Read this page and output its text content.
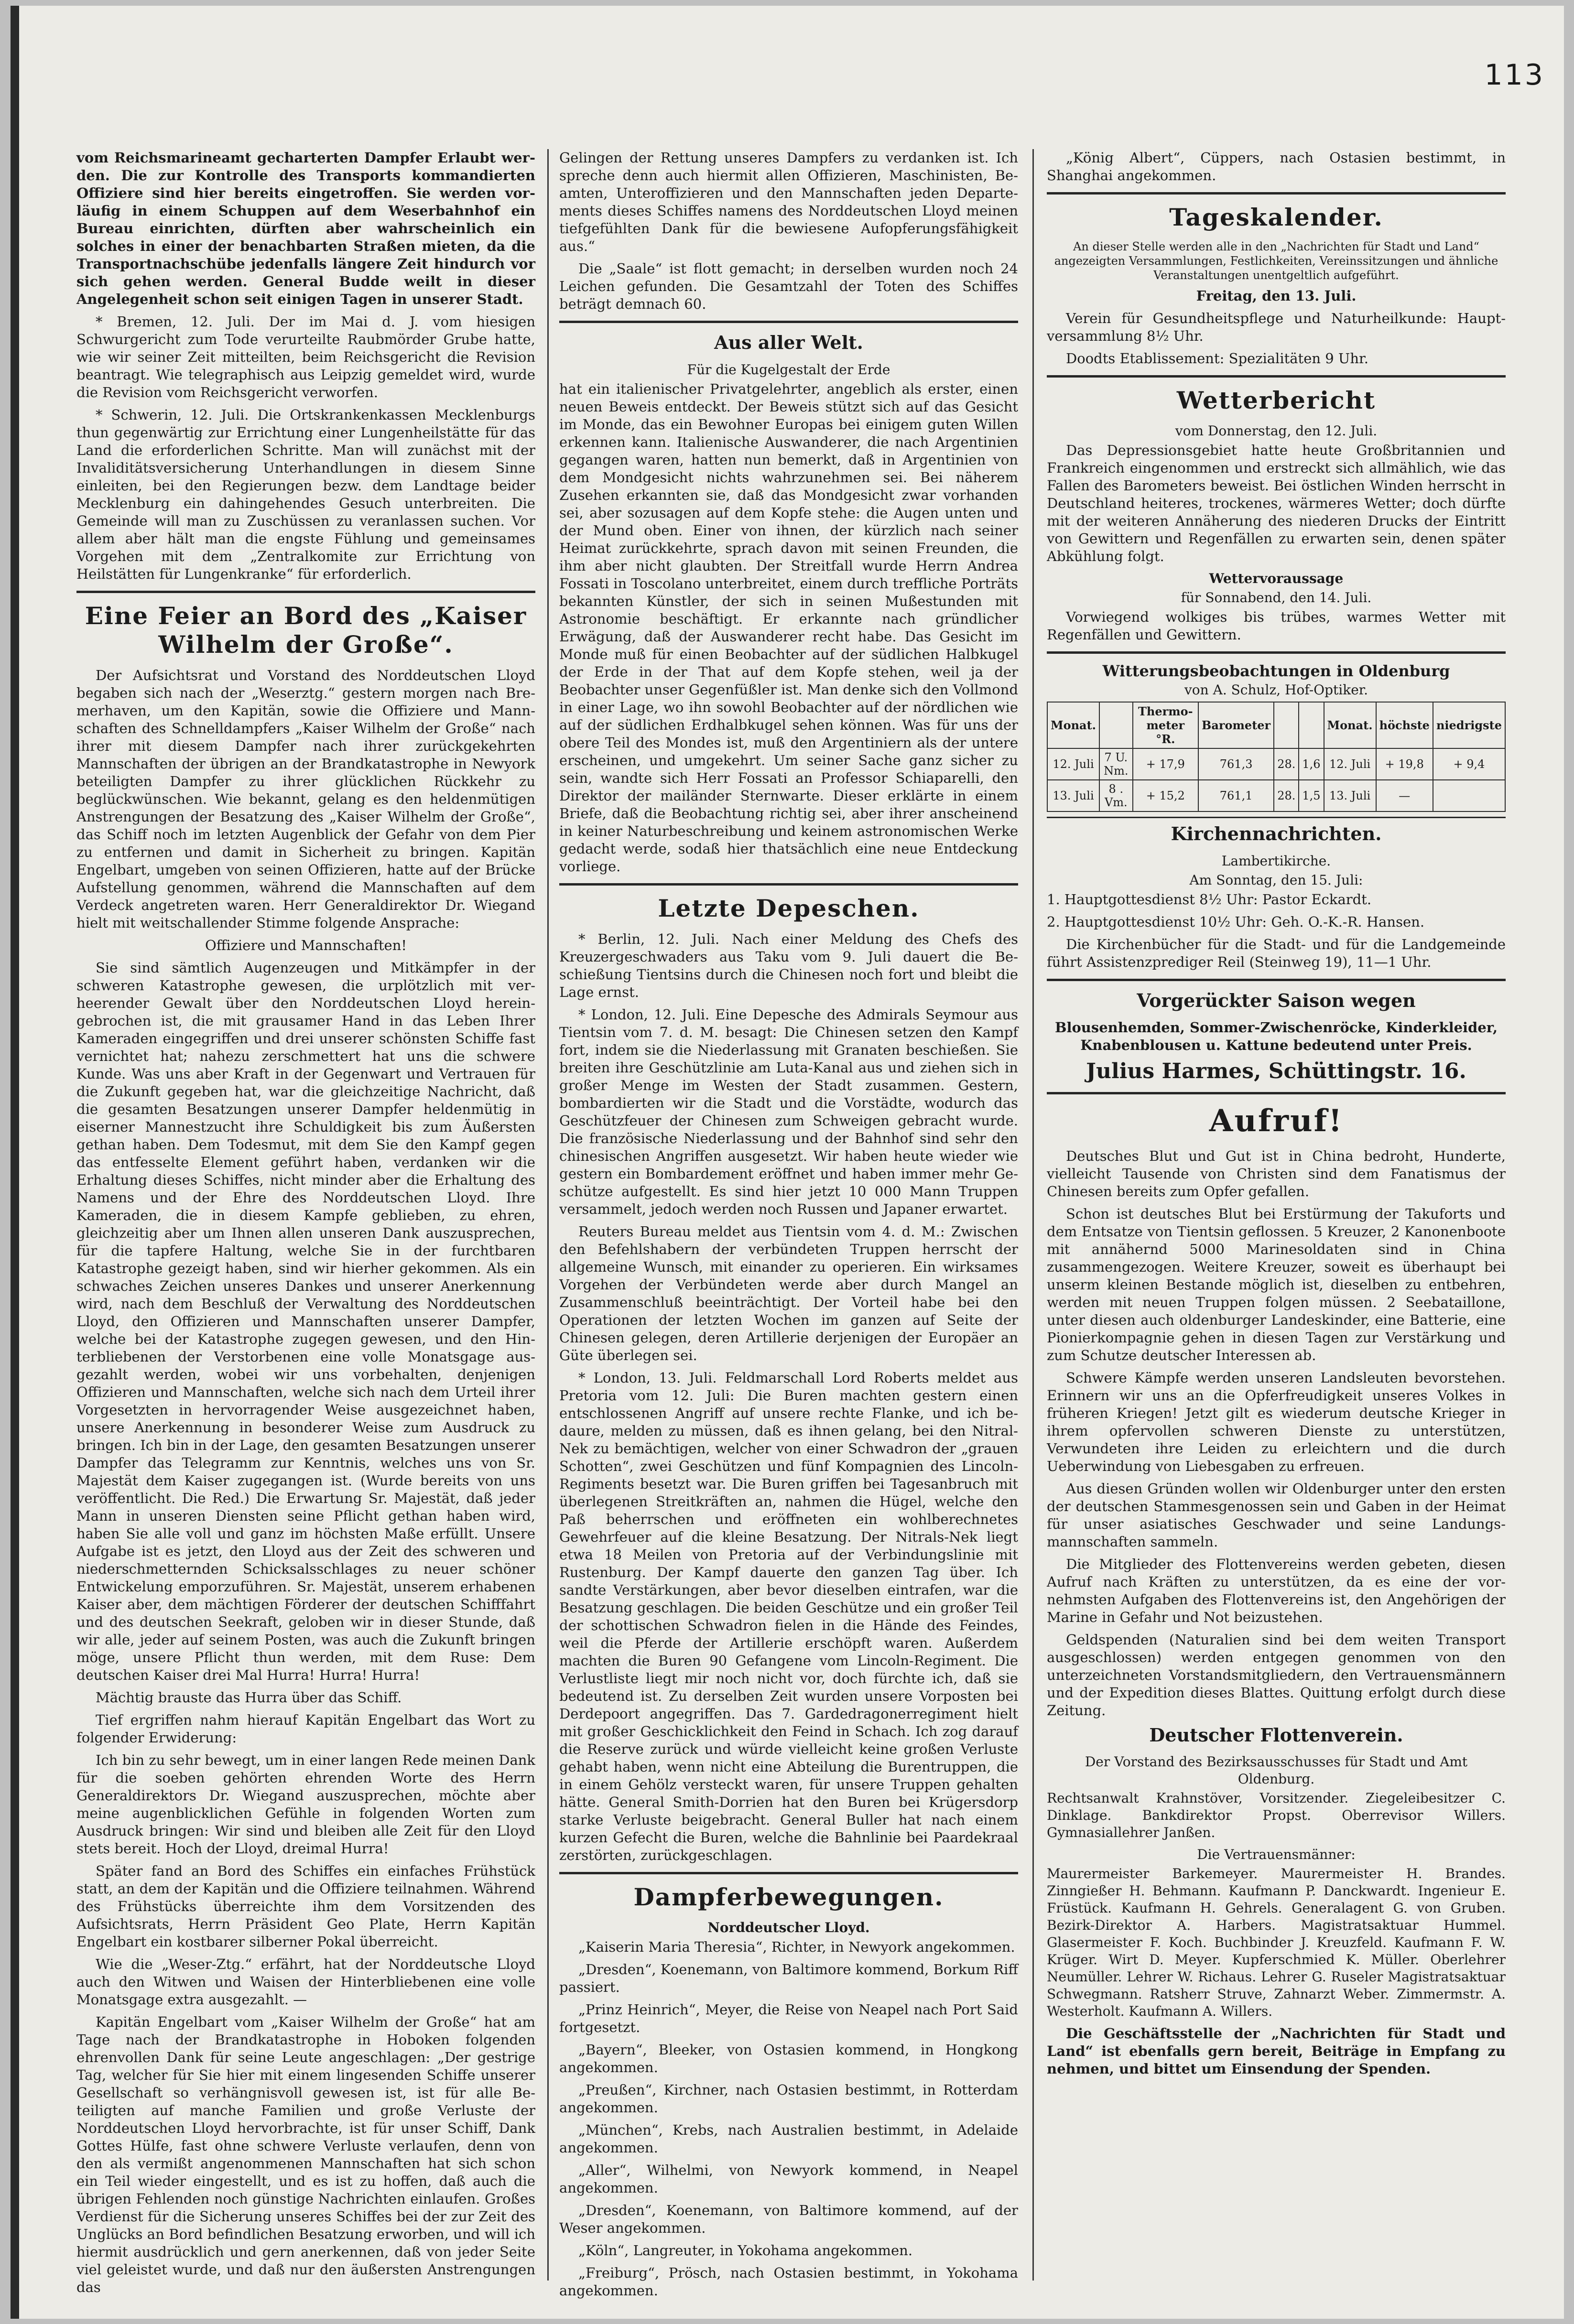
113

vom Reichsmarineamt gecharterten Dampfer Erlaubt werden. Die zur Kontrolle des Transports kommandierten Offiziere sind hier bereits eingetroffen. Sie werden vorläufig in einem Schuppen auf dem Weserbahnhof ein Bureau einrichten, dürften aber wahrscheinlich ein solches in einer der benachbarten Straßen mieten, da die Transportnachschübe jedenfalls längere Zeit hindurch vor sich gehen werden. General Budde weilt in dieser Angelegenheit schon seit einigen Tagen in unserer Stadt.

* Bremen, 12. Juli. Der im Mai d. J. vom hiesigen Schwurgericht zum Tode verurteilte Raubmörder Grube hatte, wie wir seiner Zeit mitteilten, beim Reichsgericht die Revision beantragt. Wie telegraphisch aus Leipzig gemeldet wird, wurde die Revision vom Reichsgericht verworfen.

* Schwerin, 12. Juli. Die Ortskrankenkassen Mecklenburgs thun gegenwärtig zur Errichtung einer Lungenheilstätte für das Land die erforderlichen Schritte. Man will zunächst mit der Invaliditätsversicherung Unterhandlungen in diesem Sinne einleiten, bei den Regierungen bezw. dem Landtage beider Mecklenburg ein dahingehendes Gesuch unterbreiten. Die Gemeinde will man zu Zuschüssen zu veranlassen suchen. Vor allem aber hält man die engste Fühlung und gemeinsames Vorgehen mit dem „Zentralkomite zur Errichtung von Heilstätten für Lungenkranke“ für erforderlich.

Eine Feier an Bord des „Kaiser Wilhelm der Große“.

Der Aufsichtsrat und Vorstand des Norddeutschen Lloyd begaben sich nach der „Weserztg.“ gestern morgen nach Bremerhaven, um den Kapitän, sowie die Offiziere und Mannschaften des Schnelldampfers „Kaiser Wilhelm der Große“ nach ihrer mit diesem Dampfer nach ihrer zurückgekehrten Mannschaften der übrigen an der Brandkatastrophe in Newyork beteiligten Dampfer zu ihrer glücklichen Rückkehr zu beglückwünschen. Wie bekannt, gelang es den heldenmütigen Anstrengungen der Besatzung des „Kaiser Wilhelm der Große“, das Schiff noch im letzten Augenblick der Gefahr von dem Pier zu entfernen und damit in Sicherheit zu bringen. Kapitän Engelbart, umgeben von seinen Offizieren, hatte auf der Brücke Aufstellung genommen, während die Mannschaften auf dem Verdeck angetreten waren. Herr Generaldirektor Dr. Wiegand hielt mit weitschallender Stimme folgende Ansprache:

Offiziere und Mannschaften!

Sie sind sämtlich Augenzeugen und Mitkämpfer in der schweren Katastrophe gewesen, die urplötzlich mit verheerender Gewalt über den Norddeutschen Lloyd hereingebrochen ist, die mit grausamer Hand in das Leben Ihrer Kameraden eingegriffen und drei unserer schönsten Schiffe fast vernichtet hat; nahezu zerschmettert hat uns die schwere Kunde. Was uns aber Kraft in der Gegenwart und Vertrauen für die Zukunft gegeben hat, war die gleichzeitige Nachricht, daß die gesamten Besatzungen unserer Dampfer heldenmütig in eiserner Mannestzucht ihre Schuldigkeit bis zum Äußersten gethan haben. Dem Todesmut, mit dem Sie den Kampf gegen das entfesselte Element geführt haben, verdanken wir die Erhaltung dieses Schiffes, nicht minder aber die Erhaltung des Namens und der Ehre des Norddeutschen Lloyd. Ihre Kameraden, die in diesem Kampfe geblieben, zu ehren, gleichzeitig aber um Ihnen allen unseren Dank auszusprechen, für die tapfere Haltung, welche Sie in der furchtbaren Katastrophe gezeigt haben, sind wir hierher gekommen. Als ein schwaches Zeichen unseres Dankes und unserer Anerkennung wird, nach dem Beschluß der Verwaltung des Norddeutschen Lloyd, den Offizieren und Mannschaften unserer Dampfer, welche bei der Katastrophe zugegen gewesen, und den Hinterbliebenen der Verstorbenen eine volle Monatsgage ausgezahlt werden, wobei wir uns vorbehalten, denjenigen Offizieren und Mannschaften, welche sich nach dem Urteil ihrer Vorgesetzten in hervorragender Weise ausgezeichnet haben, unsere Anerkennung in besonderer Weise zum Ausdruck zu bringen. Ich bin in der Lage, den gesamten Besatzungen unserer Dampfer das Telegramm zur Kenntnis, welches uns von Sr. Majestät dem Kaiser zugegangen ist. (Wurde bereits von uns veröffentlicht. Die Red.) Die Erwartung Sr. Majestät, daß jeder Mann in unseren Diensten seine Pflicht gethan haben wird, haben Sie alle voll und ganz im höchsten Maße erfüllt. Unsere Aufgabe ist es jetzt, den Lloyd aus der Zeit des schweren und niederschmetternden Schicksalsschlages zu neuer schöner Entwickelung emporzuführen. Sr. Majestät, unserem erhabenen Kaiser aber, dem mächtigen Förderer der deutschen Schifffahrt und des deutschen Seekraft, geloben wir in dieser Stunde, daß wir alle, jeder auf seinem Posten, was auch die Zukunft bringen möge, unsere Pflicht thun werden, mit dem Ruse: Dem deutschen Kaiser drei Mal Hurra! Hurra! Hurra!

Mächtig brauste das Hurra über das Schiff.

Tief ergriffen nahm hierauf Kapitän Engelbart das Wort zu folgender Erwiderung:

Ich bin zu sehr bewegt, um in einer langen Rede meinen Dank für die soeben gehörten ehrenden Worte des Herrn Generaldirektors Dr. Wiegand auszusprechen, möchte aber meine augenblicklichen Gefühle in folgenden Worten zum Ausdruck bringen: Wir sind und bleiben alle Zeit für den Lloyd stets bereit. Hoch der Lloyd, dreimal Hurra!

Später fand an Bord des Schiffes ein einfaches Frühstück statt, an dem der Kapitän und die Offiziere teilnahmen. Während des Frühstücks überreichte ihm dem Vorsitzenden des Aufsichtsrats, Herrn Präsident Geo Plate, Herrn Kapitän Engelbart ein kostbarer silberner Pokal überreicht.

Wie die „Weser-Ztg.“ erfährt, hat der Norddeutsche Lloyd auch den Witwen und Waisen der Hinterbliebenen eine volle Monatsgage extra ausgezahlt. —

Kapitän Engelbart vom „Kaiser Wilhelm der Große“ hat am Tage nach der Brandkatastrophe in Hoboken folgenden ehrenvollen Dank für seine Leute angeschlagen: „Der gestrige Tag, welcher für Sie hier mit einem lingesenden Schiffe unserer Gesellschaft so verhängnisvoll gewesen ist, ist für alle Beteiligten auf manche Familien und große Verluste der Norddeutschen Lloyd hervorbrachte, ist für unser Schiff, Dank Gottes Hülfe, fast ohne schwere Verluste verlaufen, denn von den als vermißt angenommenen Mannschaften hat sich schon ein Teil wieder eingestellt, und es ist zu hoffen, daß auch die übrigen Fehlenden noch günstige Nachrichten einlaufen. Großes Verdienst für die Sicherung unseres Schiffes bei der zur Zeit des Unglücks an Bord befindlichen Besatzung erworben, und will ich hiermit ausdrücklich und gern anerkennen, daß von jeder Seite viel geleistet wurde, und daß nur den äußersten Anstrengungen das

Gelingen der Rettung unseres Dampfers zu verdanken ist. Ich spreche denn auch hiermit allen Offizieren, Maschinisten, Beamten, Unteroffizieren und den Mannschaften jeden Departements dieses Schiffes namens des Norddeutschen Lloyd meinen tiefgefühlten Dank für die bewiesene Aufopferungsfähigkeit aus.“

Die „Saale“ ist flott gemacht; in derselben wurden noch 24 Leichen gefunden. Die Gesamtzahl der Toten des Schiffes beträgt demnach 60.

Aus aller Welt.
Für die Kugelgestalt der Erde

hat ein italienischer Privatgelehrter, angeblich als erster, einen neuen Beweis entdeckt. Der Beweis stützt sich auf das Gesicht im Monde, das ein Bewohner Europas bei einigem guten Willen erkennen kann. Italienische Auswanderer, die nach Argentinien gegangen waren, hatten nun bemerkt, daß in Argentinien von dem Mondgesicht nichts wahrzunehmen sei. Bei näherem Zusehen erkannten sie, daß das Mondgesicht zwar vorhanden sei, aber sozusagen auf dem Kopfe stehe: die Augen unten und der Mund oben. Einer von ihnen, der kürzlich nach seiner Heimat zurückkehrte, sprach davon mit seinen Freunden, die ihm aber nicht glaubten. Der Streitfall wurde Herrn Andrea Fossati in Toscolano unterbreitet, einem durch treffliche Porträts bekannten Künstler, der sich in seinen Mußestunden mit Astronomie beschäftigt. Er erkannte nach gründlicher Erwägung, daß der Auswanderer recht habe. Das Gesicht im Monde muß für einen Beobachter auf der südlichen Halbkugel der Erde in der That auf dem Kopfe stehen, weil ja der Beobachter unser Gegenfüßler ist. Man denke sich den Vollmond in einer Lage, wo ihn sowohl Beobachter auf der nördlichen wie auf der südlichen Erdhalbkugel sehen können. Was für uns der obere Teil des Mondes ist, muß den Argentiniern als der untere erscheinen, und umgekehrt. Um seiner Sache ganz sicher zu sein, wandte sich Herr Fossati an Professor Schiaparelli, den Direktor der mailänder Sternwarte. Dieser erklärte in einem Briefe, daß die Beobachtung richtig sei, aber ihrer anscheinend in keiner Naturbeschreibung und keinem astronomischen Werke gedacht werde, sodaß hier thatsächlich eine neue Entdeckung vorliege.

Letzte Depeschen.

* Berlin, 12. Juli. Nach einer Meldung des Chefs des Kreuzergeschwaders aus Taku vom 9. Juli dauert die Beschießung Tientsins durch die Chinesen noch fort und bleibt die Lage ernst.

* London, 12. Juli. Eine Depesche des Admirals Seymour aus Tientsin vom 7. d. M. besagt: Die Chinesen setzen den Kampf fort, indem sie die Niederlassung mit Granaten beschießen. Sie breiten ihre Geschützlinie am Luta-Kanal aus und ziehen sich in großer Menge im Westen der Stadt zusammen. Gestern, bombardierten wir die Stadt und die Vorstädte, wodurch das Geschützfeuer der Chinesen zum Schweigen gebracht wurde. Die französische Niederlassung und der Bahnhof sind sehr den chinesischen Angriffen ausgesetzt. Wir haben heute wieder wie gestern ein Bombardement eröffnet und haben immer mehr Geschütze aufgestellt. Es sind hier jetzt 10 000 Mann Truppen versammelt, jedoch werden noch Russen und Japaner erwartet.

Reuters Bureau meldet aus Tientsin vom 4. d. M.: Zwischen den Befehlshabern der verbündeten Truppen herrscht der allgemeine Wunsch, mit einander zu operieren. Ein wirksames Vorgehen der Verbündeten werde aber durch Mangel an Zusammenschluß beeinträchtigt. Der Vorteil habe bei den Operationen der letzten Wochen im ganzen auf Seite der Chinesen gelegen, deren Artillerie derjenigen der Europäer an Güte überlegen sei.

* London, 13. Juli. Feldmarschall Lord Roberts meldet aus Pretoria vom 12. Juli: Die Buren machten gestern einen entschlossenen Angriff auf unsere rechte Flanke, und ich bedaure, melden zu müssen, daß es ihnen gelang, bei den Nitral-Nek zu bemächtigen, welcher von einer Schwadron der „grauen Schotten“, zwei Geschützen und fünf Kompagnien des Lincoln-Regiments besetzt war. Die Buren griffen bei Tagesanbruch mit überlegenen Streitkräften an, nahmen die Hügel, welche den Paß beherrschen und eröffneten ein wohlberechnetes Gewehrfeuer auf die kleine Besatzung. Der Nitrals-Nek liegt etwa 18 Meilen von Pretoria auf der Verbindungslinie mit Rustenburg. Der Kampf dauerte den ganzen Tag über. Ich sandte Verstärkungen, aber bevor dieselben eintrafen, war die Besatzung geschlagen. Die beiden Geschütze und ein großer Teil der schottischen Schwadron fielen in die Hände des Feindes, weil die Pferde der Artillerie erschöpft waren. Außerdem machten die Buren 90 Gefangene vom Lincoln-Regiment. Die Verlustliste liegt mir noch nicht vor, doch fürchte ich, daß sie bedeutend ist. Zu derselben Zeit wurden unsere Vorposten bei Derdepoort angegriffen. Das 7. Gardedragonerregiment hielt mit großer Geschicklichkeit den Feind in Schach. Ich zog darauf die Reserve zurück und würde vielleicht keine großen Verluste gehabt haben, wenn nicht eine Abteilung die Burentruppen, die in einem Gehölz versteckt waren, für unsere Truppen gehalten hätte. General Smith-Dorrien hat den Buren bei Krügersdorp starke Verluste beigebracht. General Buller hat nach einem kurzen Gefecht die Buren, welche die Bahnlinie bei Paardekraal zerstörten, zurückgeschlagen.

Dampferbewegungen.
Norddeutscher Lloyd.

„Kaiserin Maria Theresia“, Richter, in Newyork angekommen.

„Dresden“, Koenemann, von Baltimore kommend, Borkum Riff passiert.

„Prinz Heinrich“, Meyer, die Reise von Neapel nach Port Said fortgesetzt.

„Bayern“, Bleeker, von Ostasien kommend, in Hongkong angekommen.

„Preußen“, Kirchner, nach Ostasien bestimmt, in Rotterdam angekommen.

„München“, Krebs, nach Australien bestimmt, in Adelaide angekommen.

„Aller“, Wilhelmi, von Newyork kommend, in Neapel angekommen.

„Dresden“, Koenemann, von Baltimore kommend, auf der Weser angekommen.

„Köln“, Langreuter, in Yokohama angekommen.

„Freiburg“, Prösch, nach Ostasien bestimmt, in Yokohama angekommen.

„König Albert“, Cüppers, nach Ostasien bestimmt, in Shanghai angekommen.

Tageskalender.

An dieser Stelle werden alle in den „Nachrichten für Stadt und Land“ angezeigten Versammlungen, Festlichkeiten, Vereinssitzungen und ähnliche Veranstaltungen unentgeltlich aufgeführt.

Freitag, den 13. Juli.

Verein für Gesundheitspflege und Naturheilkunde: Hauptversammlung 8½ Uhr.

Doodts Etablissement: Spezialitäten 9 Uhr.

Wetterbericht
vom Donnerstag, den 12. Juli.

Das Depressionsgebiet hatte heute Großbritannien und Frankreich eingenommen und erstreckt sich allmählich, wie das Fallen des Barometers beweist. Bei östlichen Winden herrscht in Deutschland heiteres, trockenes, wärmeres Wetter; doch dürfte mit der weiteren Annäherung des niederen Drucks der Eintritt von Gewittern und Regenfällen zu erwarten sein, denen später Abkühlung folgt.

Wettervoraussage
für Sonnabend, den 14. Juli.

Vorwiegend wolkiges bis trübes, warmes Wetter mit Regenfällen und Gewittern.

Witterungsbeobachtungen in Oldenburg
von A. Schulz, Hof-Optiker.
Monat.		Thermometer °R.	Barometer			Monat.	höchste	niedrigste
12. Juli	7 U. Nm.	+ 17,9	761,3	28.	1,6	12. Juli	+ 19,8	+ 9,4
13. Juli	8 . Vm.	+ 15,2	761,1	28.	1,5	13. Juli	—	
Kirchennachrichten.
Lambertikirche.
Am Sonntag, den 15. Juli:

1. Hauptgottesdienst 8½ Uhr: Pastor Eckardt.

2. Hauptgottesdienst 10½ Uhr: Geh. O.-K.-R. Hansen.

Die Kirchenbücher für die Stadt- und für die Landgemeinde führt Assistenzprediger Reil (Steinweg 19), 11—1 Uhr.

Vorgerückter Saison wegen

Blousenhemden, Sommer-Zwischenröcke, Kinderkleider, Knabenblousen u. Kattune bedeutend unter Preis.

Julius Harmes, Schüttingstr. 16.
Aufruf!

Deutsches Blut und Gut ist in China bedroht, Hunderte, vielleicht Tausende von Christen sind dem Fanatismus der Chinesen bereits zum Opfer gefallen.

Schon ist deutsches Blut bei Erstürmung der Takuforts und dem Entsatze von Tientsin geflossen. 5 Kreuzer, 2 Kanonenboote mit annähernd 5000 Marinesoldaten sind in China zusammengezogen. Weitere Kreuzer, soweit es überhaupt bei unserm kleinen Bestande möglich ist, dieselben zu entbehren, werden mit neuen Truppen folgen müssen. 2 Seebataillone, unter diesen auch oldenburger Landeskinder, eine Batterie, eine Pionierkompagnie gehen in diesen Tagen zur Verstärkung und zum Schutze deutscher Interessen ab.

Schwere Kämpfe werden unseren Landsleuten bevorstehen. Erinnern wir uns an die Opferfreudigkeit unseres Volkes in früheren Kriegen! Jetzt gilt es wiederum deutsche Krieger in ihrem opfervollen schweren Dienste zu unterstützen, Verwundeten ihre Leiden zu erleichtern und die durch Ueberwindung von Liebesgaben zu erfreuen.

Aus diesen Gründen wollen wir Oldenburger unter den ersten der deutschen Stammesgenossen sein und Gaben in der Heimat für unser asiatisches Geschwader und seine Landungsmannschaften sammeln.

Die Mitglieder des Flottenvereins werden gebeten, diesen Aufruf nach Kräften zu unterstützen, da es eine der vornehmsten Aufgaben des Flottenvereins ist, den Angehörigen der Marine in Gefahr und Not beizustehen.

Geldspenden (Naturalien sind bei dem weiten Transport ausgeschlossen) werden entgegen genommen von den unterzeichneten Vorstandsmitgliedern, den Vertrauensmännern und der Expedition dieses Blattes. Quittung erfolgt durch diese Zeitung.

Deutscher Flottenverein.
Der Vorstand des Bezirksausschusses für Stadt und Amt Oldenburg.

Rechtsanwalt Krahnstöver, Vorsitzender. Ziegeleibesitzer C. Dinklage. Bankdirektor Propst. Oberrevisor Willers. Gymnasiallehrer Janßen.

Die Vertrauensmänner:

Maurermeister Barkemeyer. Maurermeister H. Brandes. Zinngießer H. Behmann. Kaufmann P. Danckwardt. Ingenieur E. Früstück. Kaufmann H. Gehrels. Generalagent G. von Gruben. Bezirk-Direktor A. Harbers. Magistratsaktuar Hummel. Glasermeister F. Koch. Buchbinder J. Kreuzfeld. Kaufmann F. W. Krüger. Wirt D. Meyer. Kupferschmied K. Müller. Oberlehrer Neumüller. Lehrer W. Richaus. Lehrer G. Ruseler Magistratsaktuar Schwegmann. Ratsherr Struve, Zahnarzt Weber. Zimmermstr. A. Westerholt. Kaufmann A. Willers.

Die Geschäftsstelle der „Nachrichten für Stadt und Land“ ist ebenfalls gern bereit, Beiträge in Empfang zu nehmen, und bittet um Einsendung der Spenden.
